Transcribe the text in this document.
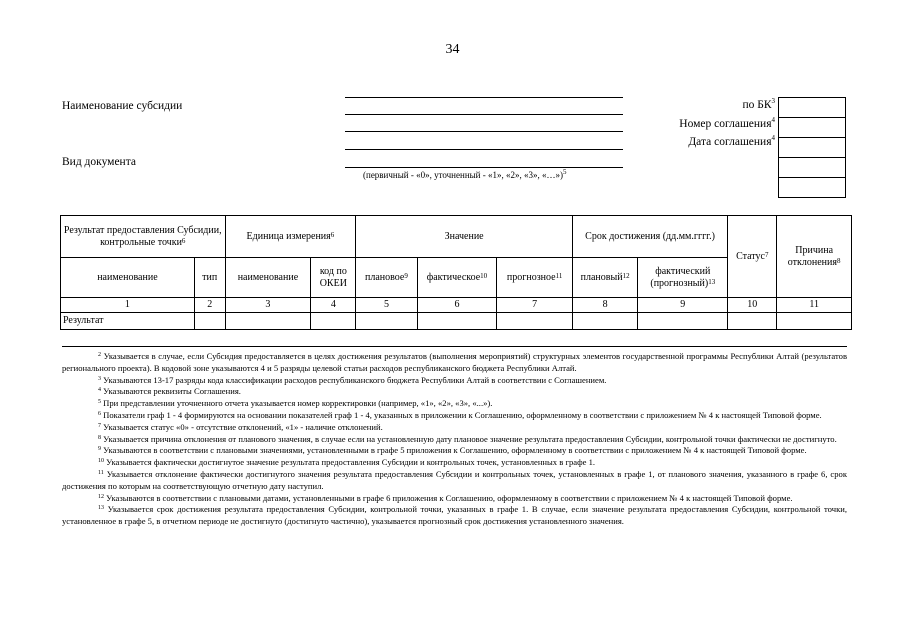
34
Наименование субсидии
Вид документа
(первичный - «0», уточненный - «1», «2», «3», «…»)$^5$
по $БК^3$
Номер соглашения$^4$
Дата соглашения$^4$
Результат предоставления Субсидии, контрольные точки$^6$		Единица измерения$^6$		Значение			Срок достижения (дд.мм.гггг.)		Статус$^7$	Причина отклонения$^8$
наименование	тип	наименование	код по ОКЕИ	плановое$^9$	фактическое$^{10}$	прогнозное$^{11}$	плановый$^{12}$	фактический (прогнозный)$^{13}$
1	2	3	4	5	6	7	8	9	10	11
Результат										
$^2$ Указывается в случае, если Субсидия предоставляется в целях достижения результатов (выполнения мероприятий) структурных элементов государственной программы Республики Алтай (результатов регионального проекта). В кодовой зоне указываются 4 и 5 разряды целевой статьи расходов республиканского бюджета Республики Алтай.
$^3$ Указываются 13-17 разряды кода классификации расходов республиканского бюджета Республики Алтай в соответствии с Соглашением.
$^4$ Указываются реквизиты Соглашения.
$^5$ При представлении уточненного отчета указывается номер корректировки (например, «1», «2», «3», «...»).
$^6$ Показатели граф 1 - 4 формируются на основании показателей граф 1 - 4, указанных в приложении к Соглашению, оформленному в соответствии с приложением № 4 к настоящей Типовой форме.
$^7$ Указывается статус «0» - отсутствие отклонений, «1» - наличие отклонений.
$^8$ Указывается причина отклонения от планового значения, в случае если на установленную дату плановое значение результата предоставления Субсидии, контрольной точки фактически не достигнуто.
$^9$ Указываются в соответствии с плановыми значениями, установленными в графе 5 приложения к Соглашению, оформленному в соответствии с приложением № 4 к настоящей Типовой форме.
$^{10}$ Указывается фактически достигнутое значение результата предоставления Субсидии и контрольных точек, установленных в графе 1.
$^{11}$ Указывается отклонение фактически достигнутого значения результата предоставления Субсидии и контрольных точек, установленных в графе 1, от планового значения, указанного в графе 6, срок достижения по которым на соответствующую отчетную дату наступил.
$^{12}$ Указываются в соответствии с плановыми датами, установленными в графе 6 приложения к Соглашению, оформленному в соответствии с приложением № 4 к настоящей Типовой форме.
$^{13}$ Указывается срок достижения результата предоставления Субсидии, контрольной точки, указанных в графе 1. В случае, если значение результата предоставления Субсидии, контрольной точки, установленное в графе 5, в отчетном периоде не достигнуто (достигнуто частично), указывается прогнозный срок достижения установленного значения.
